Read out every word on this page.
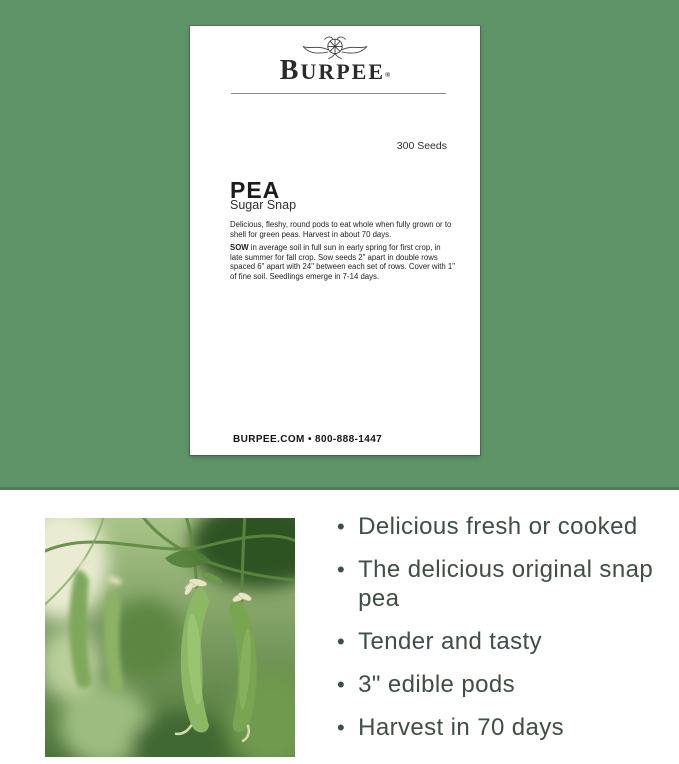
BURPEE®
300 Seeds
PEA
Sugar Snap
Delicious, fleshy, round pods to eat whole when fully grown or to shell for green peas. Harvest in about 70 days.
SOW in average soil in full sun in early spring for first crop, in late summer for fall crop. Sow seeds 2" apart in double rows spaced 6" apart with 24" between each set of rows. Cover with 1" of fine soil. Seedlings emerge in 7-14 days.
BURPEE.COM • 800-888-1447
• Delicious fresh or cooked
• The delicious original snap pea
• Tender and tasty
• 3" edible pods
• Harvest in 70 days
